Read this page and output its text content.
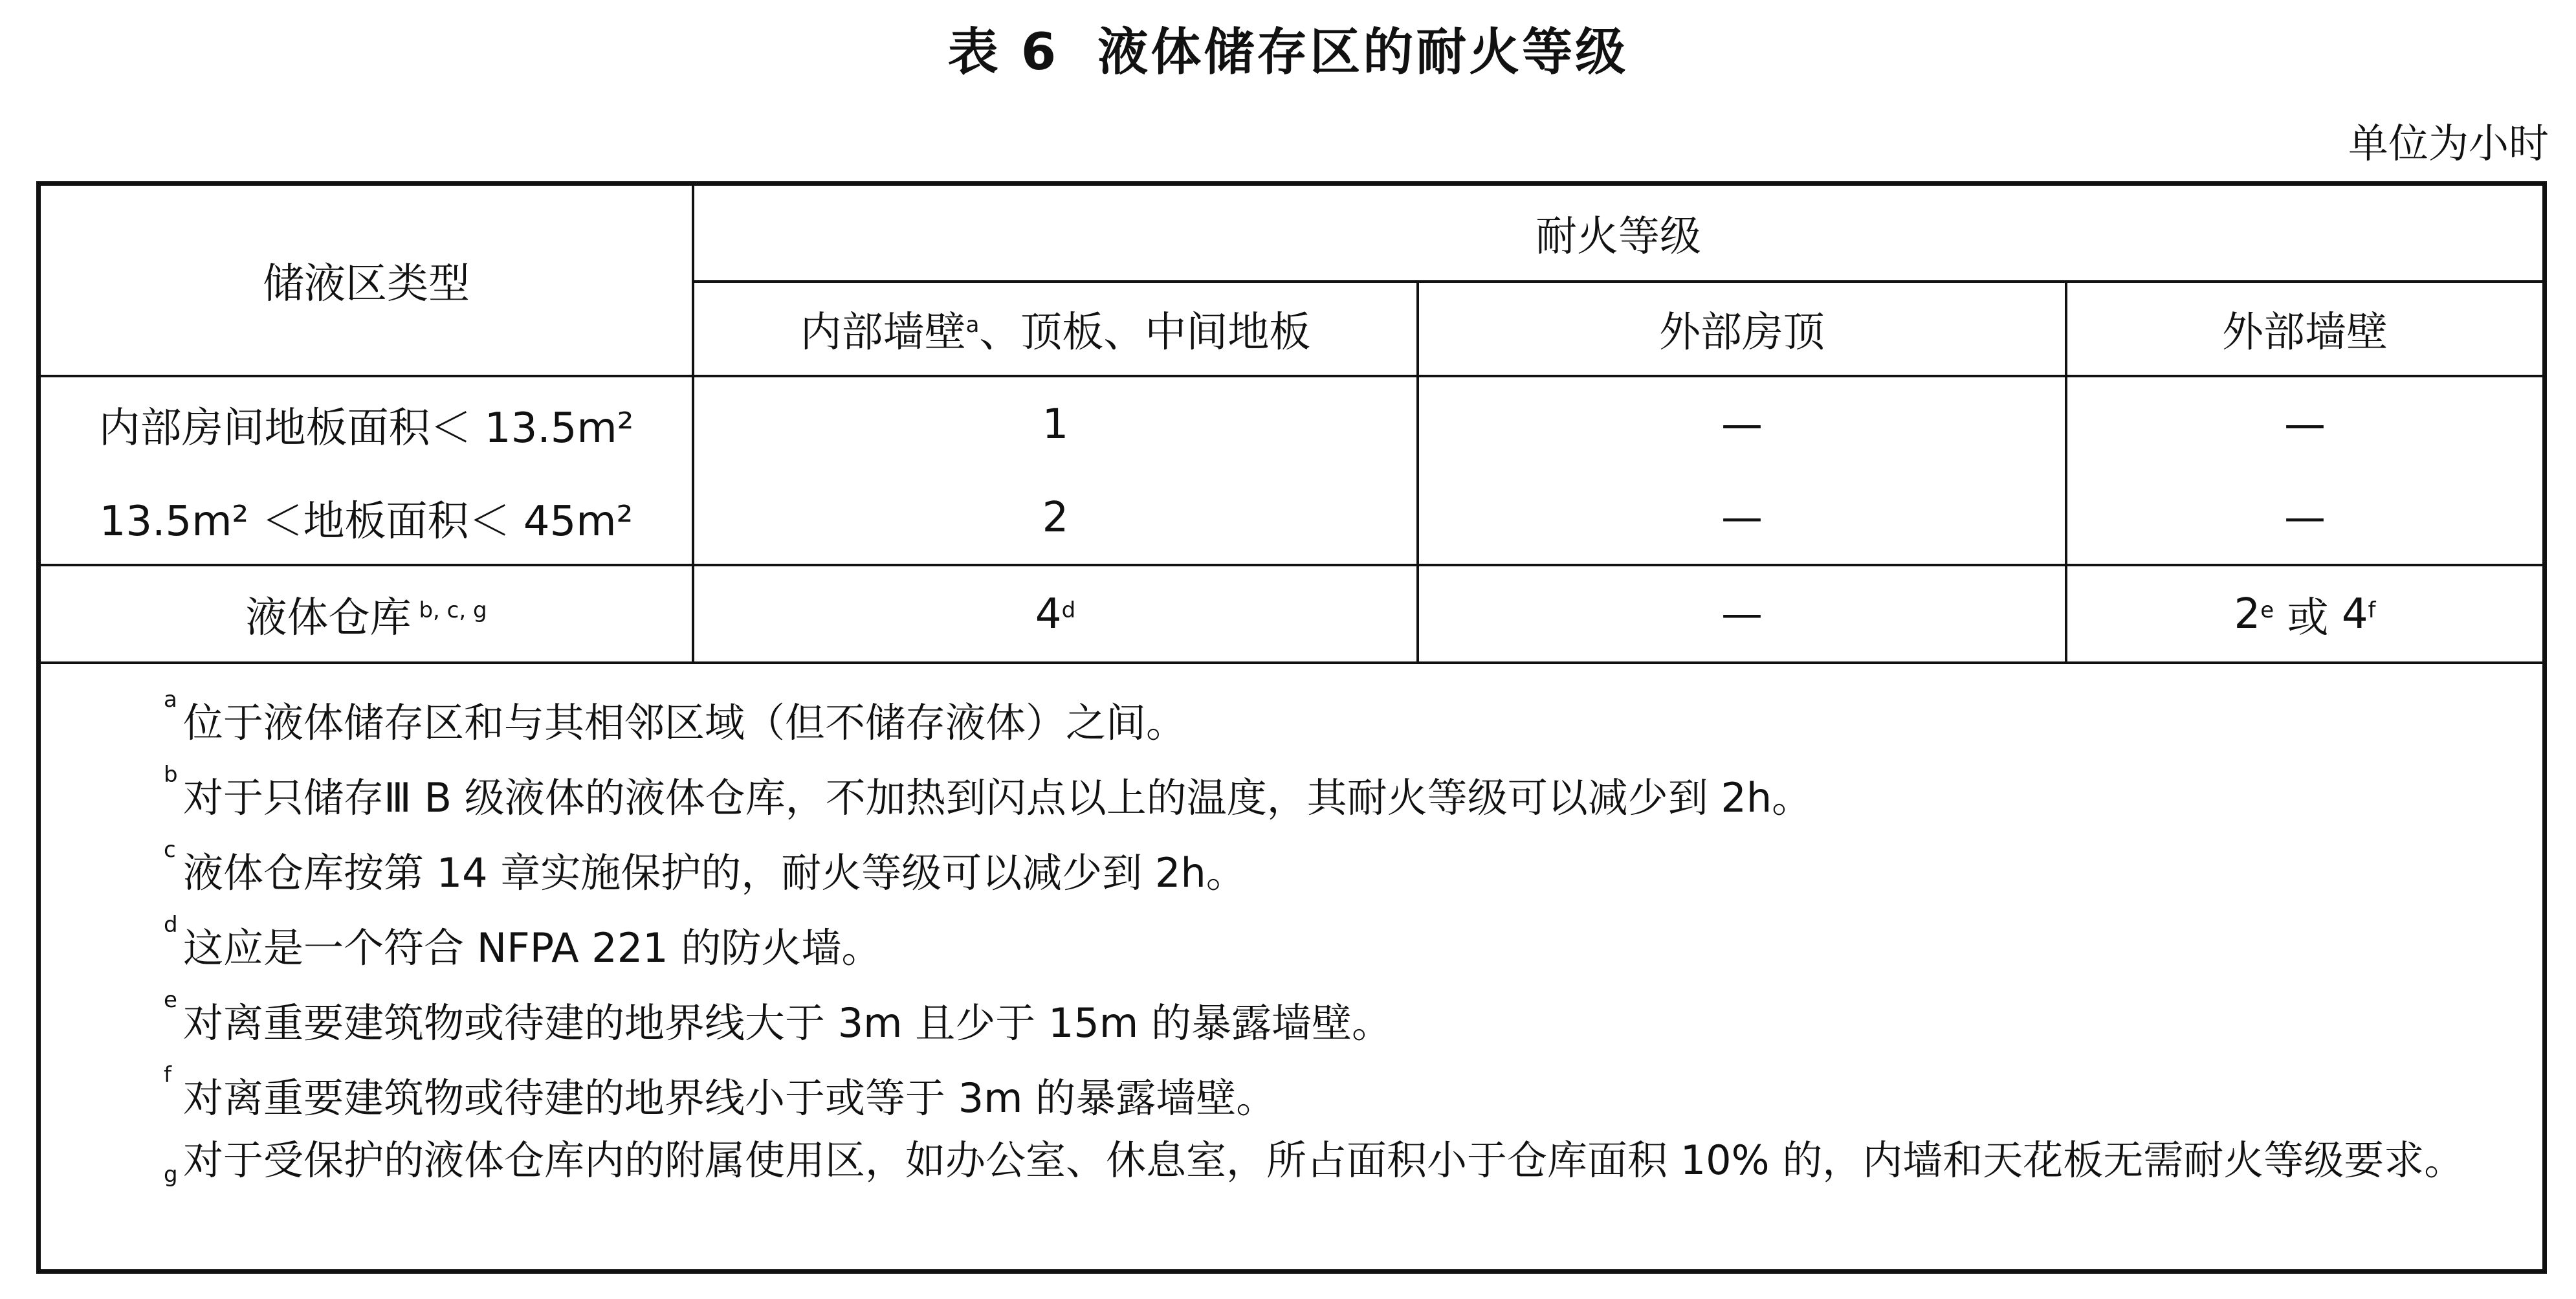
表 6 液体储存区的耐火等级
单位为小时
储液区类型
耐火等级
内部墙壁$^a$ 、顶板、中间地板	外部房顶	外部墙壁
内部房间地板面积＜ 13.5m²	1	—	—
13.5m² ＜地板面积＜ 45m²	2	—	—
液体仓库 $^{b, c, g}$	4$^d$	—	2e 或 4$^f$
a 位于液体储存区和与其相邻区域（但不储存液体）之间。
b 对于只储存Ⅲ B 级液体的液体仓库，不加热到闪点以上的温度，其耐火等级可以减少到 2h。
c 液体仓库按第 14 章实施保护的，耐火等级可以减少到 2h。
d 这应是一个符合 NFPA 221 的防火墙。
e 对离重要建筑物或待建的地界线大于 3m 且少于 15m 的暴露墙壁。
f 对离重要建筑物或待建的地界线小于或等于 3m 的暴露墙壁。
g 对于受保护的液体仓库内的附属使用区，如办公室、休息室，所占面积小于仓库面积 10% 的，内墙和天花板无需耐火等级要求。
